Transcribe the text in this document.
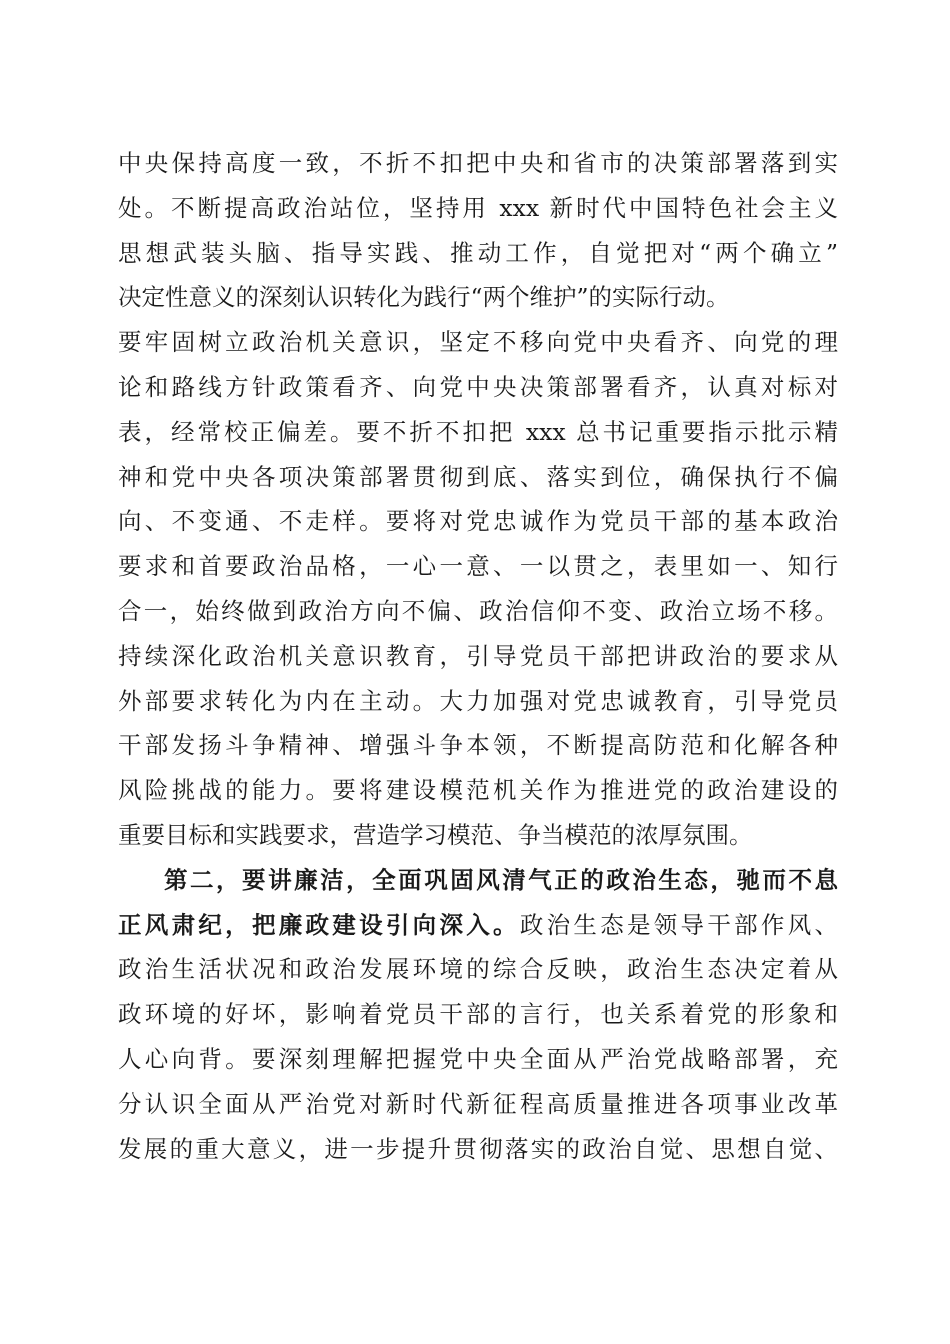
中央保持高度一致，不折不扣把中央和省市的决策部署落到实
处。不断提高政治站位，坚持用 xxx 新时代中国特色社会主义
思想武装头脑、指导实践、推动工作，自觉把对“两个确立”
决定性意义的深刻认识转化为践行“两个维护”的实际行动。
要牢固树立政治机关意识，坚定不移向党中央看齐、向党的理
论和路线方针政策看齐、向党中央决策部署看齐，认真对标对
表，经常校正偏差。要不折不扣把 xxx 总书记重要指示批示精
神和党中央各项决策部署贯彻到底、落实到位，确保执行不偏
向、不变通、不走样。要将对党忠诚作为党员干部的基本政治
要求和首要政治品格，一心一意、一以贯之，表里如一、知行
合一，始终做到政治方向不偏、政治信仰不变、政治立场不移。
持续深化政治机关意识教育，引导党员干部把讲政治的要求从
外部要求转化为内在主动。大力加强对党忠诚教育，引导党员
干部发扬斗争精神、增强斗争本领，不断提高防范和化解各种
风险挑战的能力。要将建设模范机关作为推进党的政治建设的
重要目标和实践要求，营造学习模范、争当模范的浓厚氛围。
第二，要讲廉洁，全面巩固风清气正的政治生态，驰而不息
正风肃纪，把廉政建设引向深入。政治生态是领导干部作风、
政治生活状况和政治发展环境的综合反映，政治生态决定着从
政环境的好坏，影响着党员干部的言行，也关系着党的形象和
人心向背。要深刻理解把握党中央全面从严治党战略部署，充
分认识全面从严治党对新时代新征程高质量推进各项事业改革
发展的重大意义，进一步提升贯彻落实的政治自觉、思想自觉、
